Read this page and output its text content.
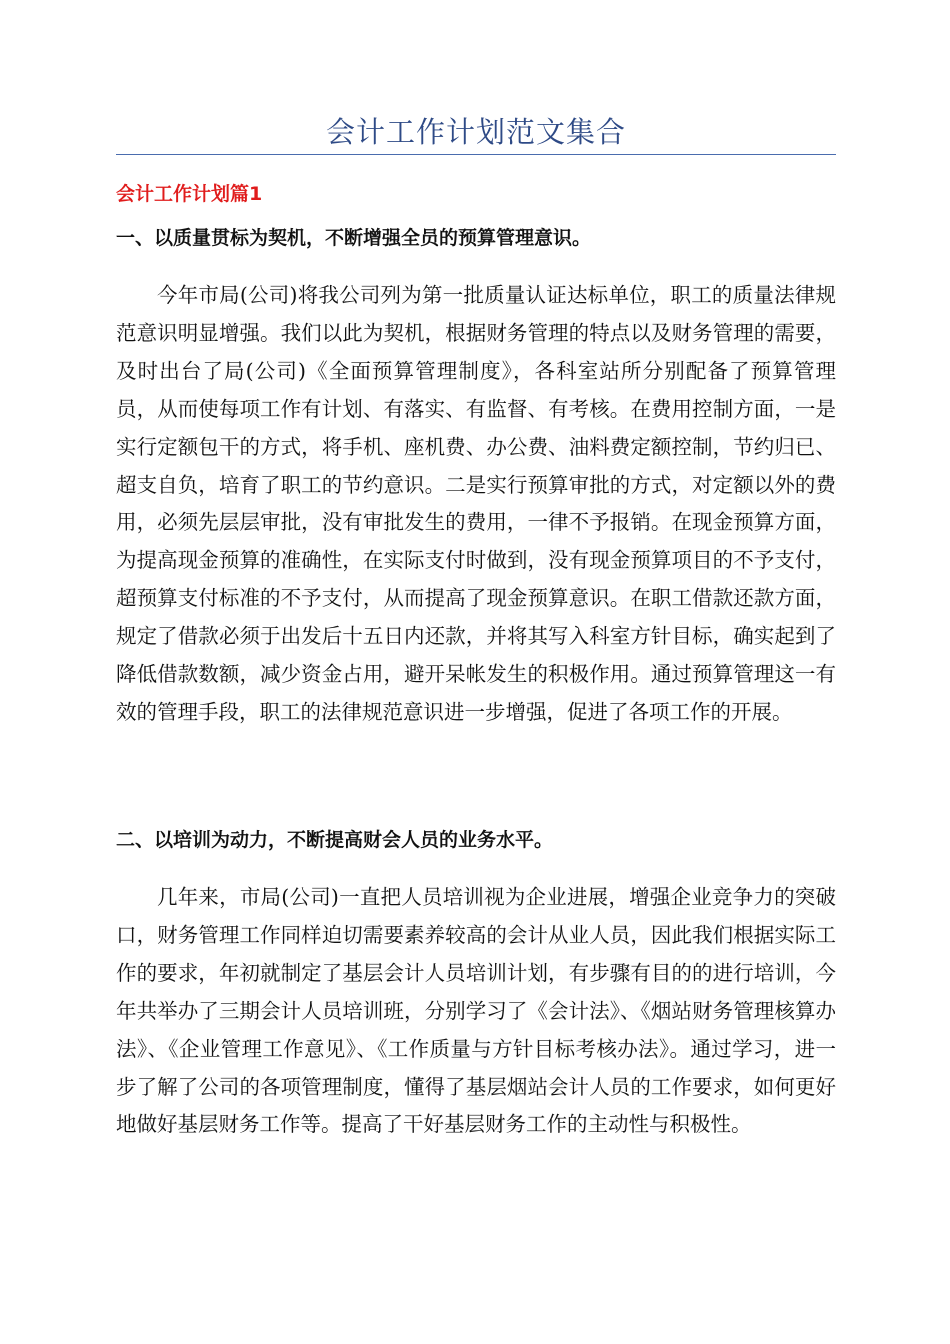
会计工作计划范文集合
会计工作计划篇1
一、以质量贯标为契机，不断增强全员的预算管理意识。

今年市局(公司)将我公司列为第一批质量认证达标单位，职工的质量法律规范意识明显增强。我们以此为契机，根据财务管理的特点以及财务管理的需要，及时出台了局(公司)《全面预算管理制度》，各科室站所分别配备了预算管理员，从而使每项工作有计划、有落实、有监督、有考核。在费用控制方面，一是实行定额包干的方式，将手机、座机费、办公费、油料费定额控制，节约归已、超支自负，培育了职工的节约意识。二是实行预算审批的方式，对定额以外的费用，必须先层层审批，没有审批发生的费用，一律不予报销。在现金预算方面，为提高现金预算的准确性，在实际支付时做到，没有现金预算项目的不予支付，超预算支付标准的不予支付，从而提高了现金预算意识。在职工借款还款方面，规定了借款必须于出发后十五日内还款，并将其写入科室方针目标，确实起到了降低借款数额，减少资金占用，避开呆帐发生的积极作用。通过预算管理这一有效的管理手段，职工的法律规范意识进一步增强，促进了各项工作的开展。

二、以培训为动力，不断提高财会人员的业务水平。

几年来，市局(公司)一直把人员培训视为企业进展，增强企业竞争力的突破口，财务管理工作同样迫切需要素养较高的会计从业人员，因此我们根据实际工作的要求，年初就制定了基层会计人员培训计划，有步骤有目的的进行培训，今年共举办了三期会计人员培训班，分别学习了《会计法》、《烟站财务管理核算办法》、《企业管理工作意见》、《工作质量与方针目标考核办法》。通过学习，进一步了解了公司的各项管理制度，懂得了基层烟站会计人员的工作要求，如何更好地做好基层财务工作等。提高了干好基层财务工作的主动性与积极性。
